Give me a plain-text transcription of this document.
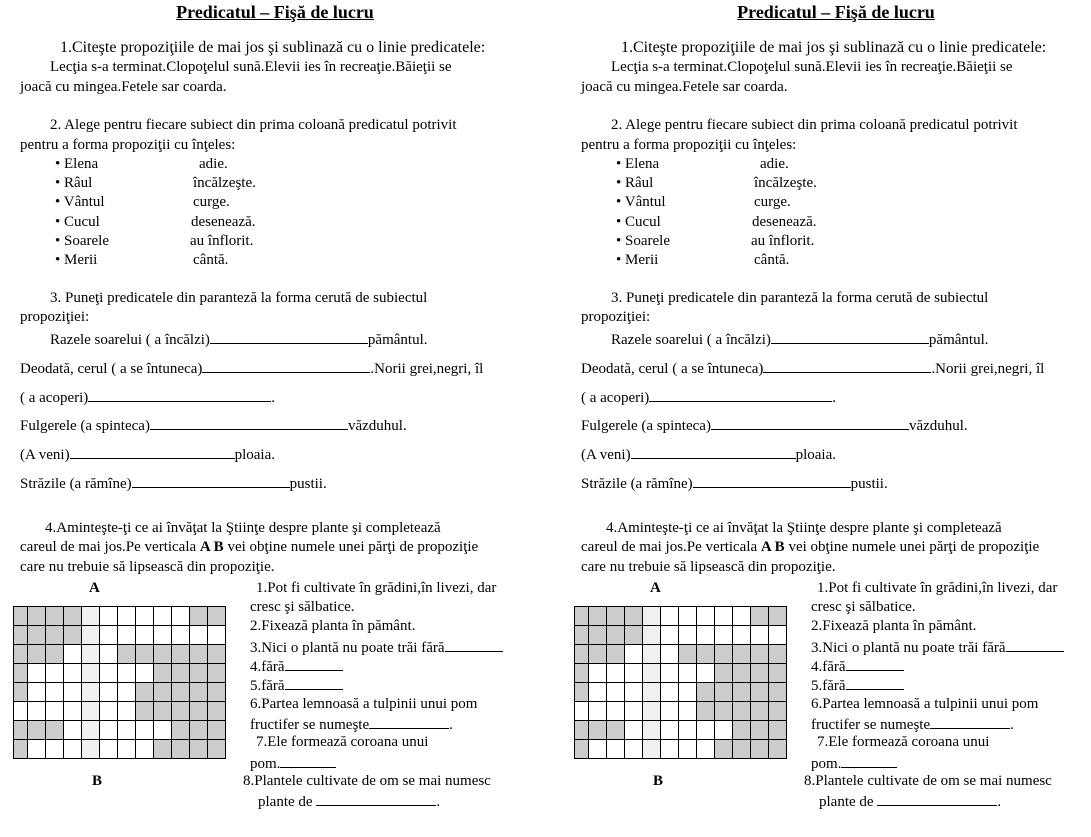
Predicatul – Fişă de lucru
1.Citeşte propoziţiile de mai jos şi sublinază cu o linie predicatele:
Lecţia s-a terminat.Clopoţelul sună.Elevii ies în recreaţie.Băieţii se
joacă cu mingea.Fetele sar coarda.
2. Alege pentru fiecare subiect din prima coloană predicatul potrivit
pentru a forma propoziţii cu înţeles:
• Elena	adie.
• Râul	încălzeşte.
• Vântul	curge.
• Cucul	desenează.
• Soarele	au înflorit.
• Merii	cântă.
3. Puneţi predicatele din paranteză la forma cerută de subiectul
propoziţiei:
Razele soarelui ( a încălzi)	pământul.
Deodată, cerul ( a se întuneca)	.Norii grei,negri, îl
( a acoperi)	.
Fulgerele (a spinteca)	văzduhul.
(A veni)	ploaia.
Străzile (a rămîne)	pustii.
4.Aminteşte-ţi ce ai învăţat la Ştiinţe despre plante şi completează
careul de mai jos.Pe verticala A B vei obţine numele unei părţi de propoziţie
care nu trebuie să lipsească din propoziţie.
A

B
1.Pot fi cultivate în grădini,în livezi, dar
cresc şi sălbatice.
2.Fixează planta în pământ.
3.Nici o plantă nu poate trăi fără
4.fără
5.fără
6.Partea lemnoasă a tulpinii unui pom
fructifer se numeşte	.
7.Ele formează coroana unui
pom.
8.Plantele cultivate de om se mai numesc
plante de	.
Predicatul – Fişă de lucru
1.Citeşte propoziţiile de mai jos şi sublinază cu o linie predicatele:
Lecţia s-a terminat.Clopoţelul sună.Elevii ies în recreaţie.Băieţii se
joacă cu mingea.Fetele sar coarda.
2. Alege pentru fiecare subiect din prima coloană predicatul potrivit
pentru a forma propoziţii cu înţeles:
• Elena	adie.
• Râul	încălzeşte.
• Vântul	curge.
• Cucul	desenează.
• Soarele	au înflorit.
• Merii	cântă.
3. Puneţi predicatele din paranteză la forma cerută de subiectul
propoziţiei:
Razele soarelui ( a încălzi)	pământul.
Deodată, cerul ( a se întuneca)	.Norii grei,negri, îl
( a acoperi)	.
Fulgerele (a spinteca)	văzduhul.
(A veni)	ploaia.
Străzile (a rămîne)	pustii.
4.Aminteşte-ţi ce ai învăţat la Ştiinţe despre plante şi completează
careul de mai jos.Pe verticala A B vei obţine numele unei părţi de propoziţie
care nu trebuie să lipsească din propoziţie.
A

B
1.Pot fi cultivate în grădini,în livezi, dar
cresc şi sălbatice.
2.Fixează planta în pământ.
3.Nici o plantă nu poate trăi fără
4.fără
5.fără
6.Partea lemnoasă a tulpinii unui pom
fructifer se numeşte	.
7.Ele formează coroana unui
pom.
8.Plantele cultivate de om se mai numesc
plante de	.
